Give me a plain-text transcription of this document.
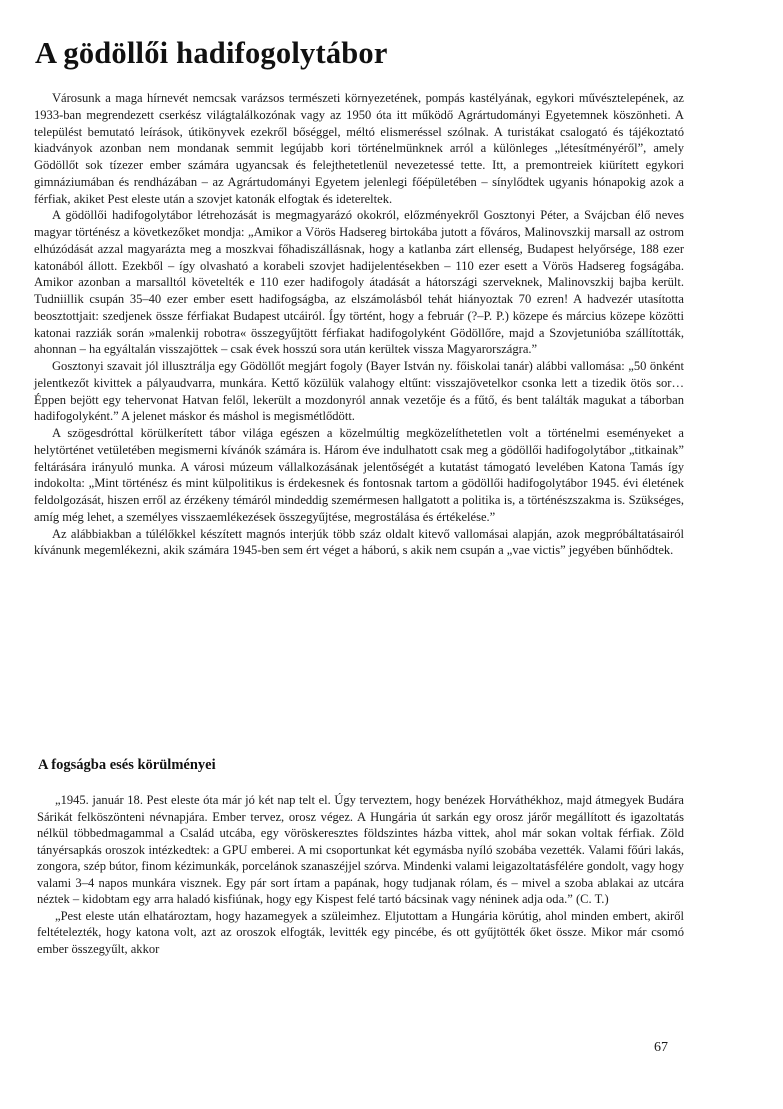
A gödöllői hadifogolytábor

Városunk a maga hírnevét nemcsak varázsos természeti környezetének, pompás kastélyának, egykori művésztelepének, az 1933-ban megrendezett cserkész világtalálkozónak vagy az 1950 óta itt működő Agrártudományi Egyetemnek köszönheti. A települést bemutató leírások, útikönyvek ezekről bőséggel, méltó elismeréssel szólnak. A turistákat csalogató és tájékoztató kiadványok azonban nem mondanak semmit legújabb kori történelmünknek arról a különleges „létesítményéről”, amely Gödöllőt sok tízezer ember számára ugyancsak és felejthetetlenül nevezetessé tette. Itt, a premontreiek kiürített egykori gimnáziumában és rendházában – az Agrártudományi Egyetem jelenlegi főépületében – sínylődtek ugyanis hónapokig azok a férfiak, akiket Pest eleste után a szovjet katonák elfogtak és idetereltek.

A gödöllői hadifogolytábor létrehozását is megmagyarázó okokról, előzményekről Gosztonyi Péter, a Svájcban élő neves magyar történész a következőket mondja: „Amikor a Vörös Hadsereg birtokába jutott a főváros, Malinovszkij marsall az ostrom elhúzódását azzal magyarázta meg a moszkvai főhadiszállásnak, hogy a katlanba zárt ellenség, Budapest helyőrsége, 188 ezer katonából állott. Ezekből – így olvasható a korabeli szovjet hadijelentésekben – 110 ezer esett a Vörös Hadsereg fogságába. Amikor azonban a marsalltól követelték e 110 ezer hadifogoly átadását a hátországi szerveknek, Malinovszkij bajba került. Tudniillik csupán 35–40 ezer ember esett hadifogságba, az elszámolásból tehát hiányoztak 70 ezren! A hadvezér utasította beosztottjait: szedjenek össze férfiakat Budapest utcáiról. Így történt, hogy a február (?–P. P.) közepe és március közepe közötti katonai razziák során »malenkij robotra« összegyűjtött férfiakat hadifogolyként Gödöllőre, majd a Szovjetunióba szállították, ahonnan – ha egyáltalán visszajöttek – csak évek hosszú sora után kerültek vissza Magyarországra.”

Gosztonyi szavait jól illusztrálja egy Gödöllőt megjárt fogoly (Bayer István ny. főiskolai tanár) alábbi vallomása: „50 önként jelentkezőt kivittek a pályaudvarra, munkára. Kettő közülük valahogy eltűnt: visszajövetelkor csonka lett a tizedik ötös sor… Éppen bejött egy tehervonat Hatvan felől, lekerült a mozdonyról annak vezetője és a fűtő, és bent találták magukat a táborban hadifogolyként.” A jelenet máskor és máshol is megismétlődött.

A szögesdróttal körülkerített tábor világa egészen a közelmúltig megközelíthetetlen volt a történelmi eseményeket a helytörténet vetületében megismerni kívánók számára is. Három éve indulhatott csak meg a gödöllői hadifogolytábor „titkainak” feltárására irányuló munka. A városi múzeum vállalkozásának jelentőségét a kutatást támogató levelében Katona Tamás így indokolta: „Mint történész és mint külpolitikus is érdekesnek és fontosnak tartom a gödöllői hadifogolytábor 1945. évi életének feldolgozását, hiszen erről az érzékeny témáról mindeddig szemérmesen hallgatott a politika is, a történészszakma is. Szükséges, amíg még lehet, a személyes visszaemlékezések összegyűjtése, megrostálása és értékelése.”

Az alábbiakban a túlélőkkel készített magnós interjúk több száz oldalt kitevő vallomásai alapján, azok megpróbáltatásairól kívánunk megemlékezni, akik számára 1945-ben sem ért véget a háború, s akik nem csupán a „vae victis” jegyében bűnhődtek.

A fogságba esés körülményei

„1945. január 18. Pest eleste óta már jó két nap telt el. Úgy terveztem, hogy benézek Horváthékhoz, majd átmegyek Budára Sárikát felköszönteni névnapjára. Ember tervez, orosz végez. A Hungária út sarkán egy orosz járőr megállított és igazoltatás nélkül többedmagammal a Család utcába, egy vöröskeresztes földszintes házba vittek, ahol már sokan voltak férfiak. Zöld tányérsapkás oroszok intézkedtek: a GPU emberei. A mi csoportunkat két egymásba nyíló szobába vezették. Valami főúri lakás, zongora, szép bútor, finom kézimunkák, porcelánok szanaszéjjel szórva. Mindenki valami leigazoltatásfélére gondolt, vagy hogy valami 3–4 napos munkára visznek. Egy pár sort írtam a papának, hogy tudjanak rólam, és – mivel a szoba ablakai az utcára néztek – kidobtam egy arra haladó kisfiúnak, hogy egy Kispest felé tartó bácsinak vagy néninek adja oda.” (C. T.)

„Pest eleste után elhatároztam, hogy hazamegyek a szüleimhez. Eljutottam a Hungária körútig, ahol minden embert, akiről feltételezték, hogy katona volt, azt az oroszok elfogták, levitték egy pincébe, és ott gyűjtötték őket össze. Mikor már csomó ember összegyűlt, akkor

67
